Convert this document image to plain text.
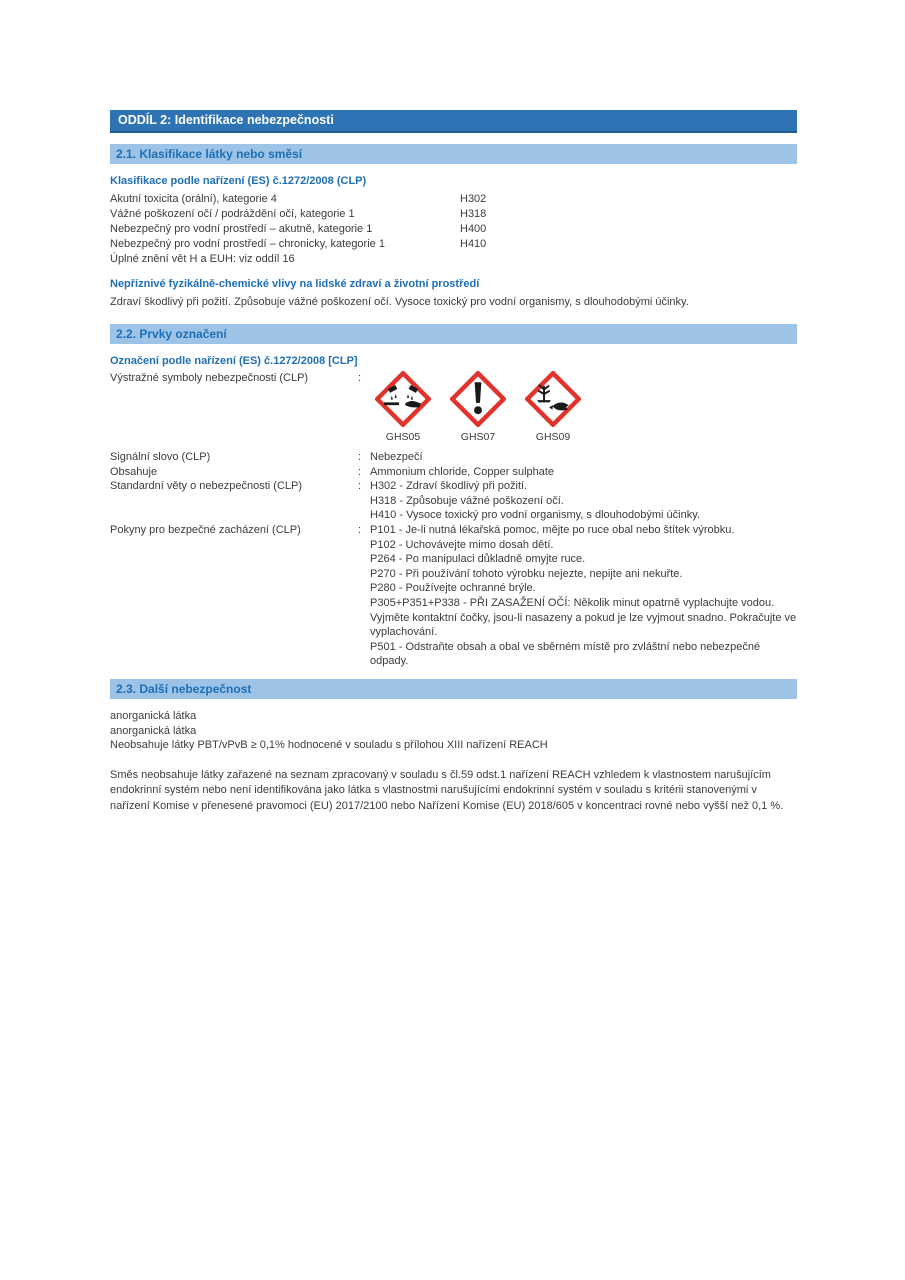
ODDÍL 2: Identifikace nebezpečnosti
2.1. Klasifikace látky nebo směsí
Klasifikace podle nařízení (ES) č.1272/2008 (CLP)
Akutní toxicita (orální), kategorie 4	H302
Vážné poškození očí / podráždění očí, kategorie 1	H318
Nebezpečný pro vodní prostředí – akutně, kategorie 1	H400
Nebezpečný pro vodní prostředí – chronicky, kategorie 1	H410
Úplné znění vět H a EUH: viz oddíl 16
Nepříznivé fyzikálně-chemické vlivy na lidské zdraví a životní prostředí
Zdraví škodlivý při požití. Způsobuje vážné poškození očí. Vysoce toxický pro vodní organismy, s dlouhodobými účinky.
2.2. Prvky označení
Označení podle nařízení (ES) č.1272/2008 [CLP]
Výstražné symboly nebezpečnosti (CLP)	:
GHS05	GHS07	GHS09
Signální slovo (CLP)	: Nebezpečí
Obsahuje	: Ammonium chloride, Copper sulphate
Standardní věty o nebezpečnosti (CLP)	: H302 - Zdraví škodlivý při požití.
H318 - Způsobuje vážné poškození očí.
H410 - Vysoce toxický pro vodní organismy, s dlouhodobými účinky.
Pokyny pro bezpečné zacházení (CLP)	: P101 - Je-li nutná lékařská pomoc, mějte po ruce obal nebo štítek výrobku.
P102 - Uchovávejte mimo dosah dětí.
P264 - Po manipulaci důkladně omyjte ruce.
P270 - Při používání tohoto výrobku nejezte, nepijte ani nekuřte.
P280 - Používejte ochranné brýle.
P305+P351+P338 - PŘI ZASAŽENÍ OČÍ: Několik minut opatrně vyplachujte vodou. Vyjměte kontaktní čočky, jsou-li nasazeny a pokud je lze vyjmout snadno. Pokračujte ve vyplachování.
P501 - Odstraňte obsah a obal ve sběrném místě pro zvláštní nebo nebezpečné odpady.
2.3. Další nebezpečnost
anorganická látka
anorganická látka
Neobsahuje látky PBT/vPvB ≥ 0,1% hodnocené v souladu s přílohou XIII nařízení REACH
Směs neobsahuje látky zařazené na seznam zpracovaný v souladu s čl.59 odst.1 nařízení REACH vzhledem k vlastnostem narušujícím endokrinní systém nebo není identifikována jako látka s vlastnostmi narušujícími endokrinní systém v souladu s kritérii stanovenými v nařízení Komise v přenesené pravomoci (EU) 2017/2100 nebo Nařízení Komise (EU) 2018/605 v koncentraci rovné nebo vyšší než 0,1 %.
